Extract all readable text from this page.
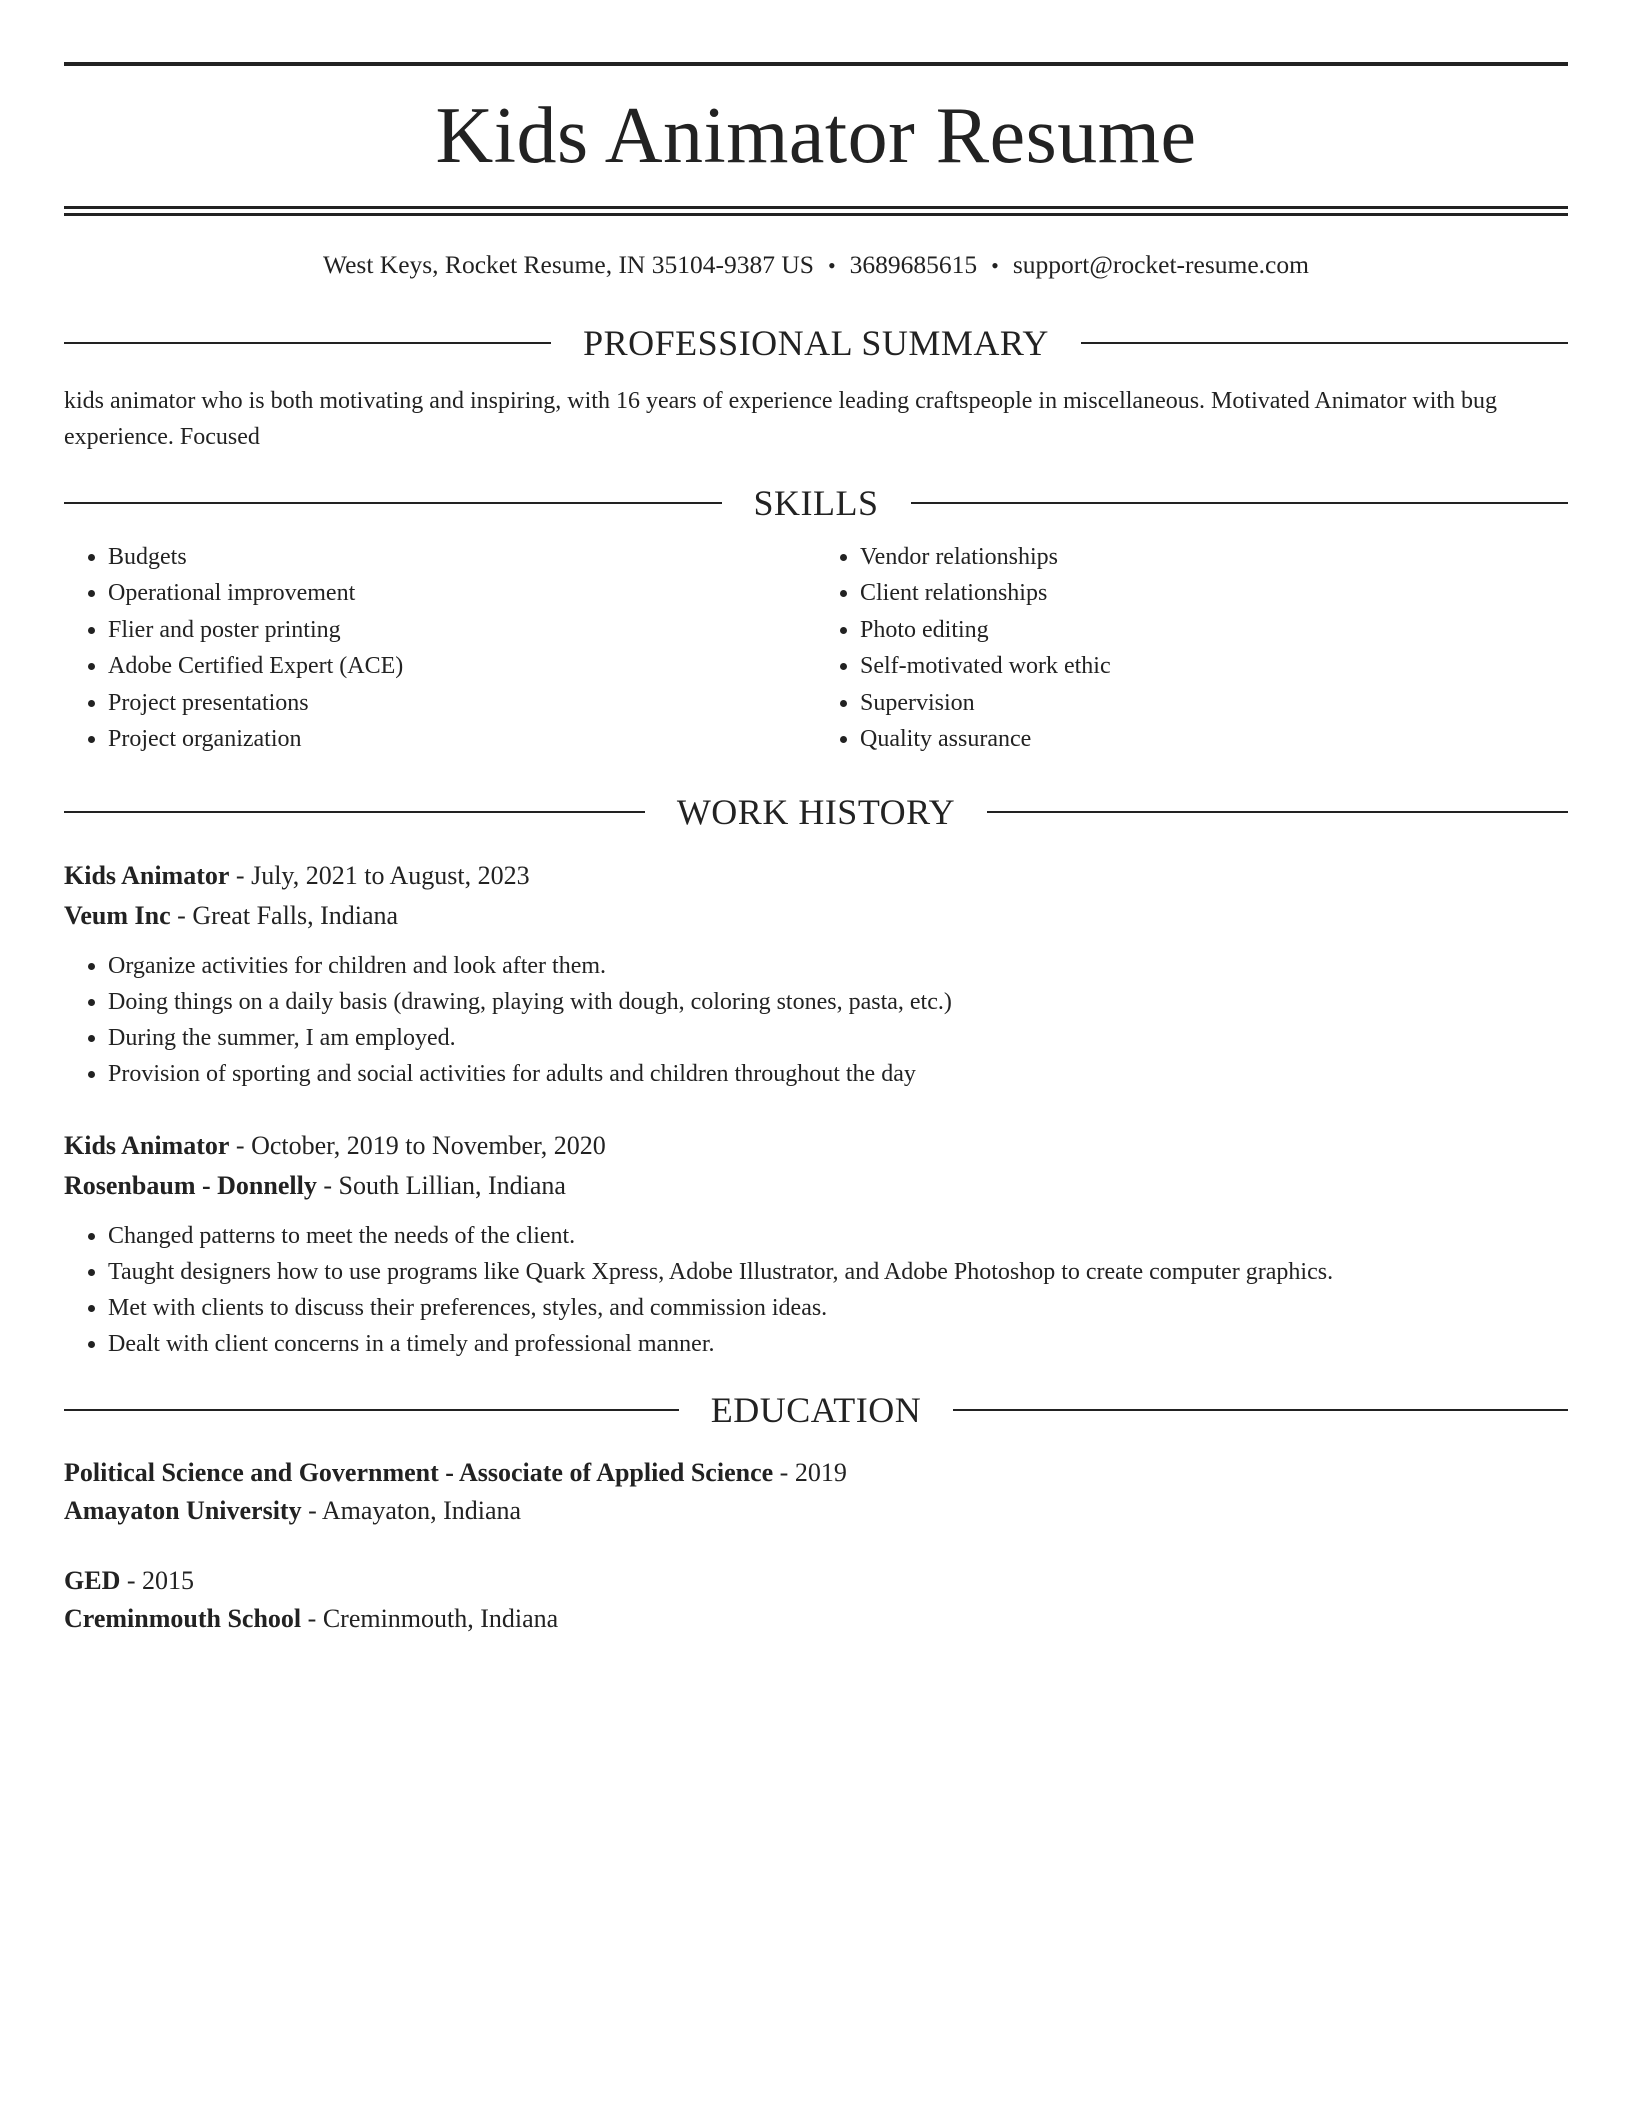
Kids Animator Resume
West Keys, Rocket Resume, IN 35104-9387 US • 3689685615 • support@rocket-resume.com
PROFESSIONAL SUMMARY
kids animator who is both motivating and inspiring, with 16 years of experience leading craftspeople in miscellaneous. Motivated Animator with bug experience. Focused
SKILLS
• Budgets
• Operational improvement
• Flier and poster printing
• Adobe Certified Expert (ACE)
• Project presentations
• Project organization
• Vendor relationships
• Client relationships
• Photo editing
• Self-motivated work ethic
• Supervision
• Quality assurance
WORK HISTORY
Kids Animator - July, 2021 to August, 2023
Veum Inc - Great Falls, Indiana
• Organize activities for children and look after them.
• Doing things on a daily basis (drawing, playing with dough, coloring stones, pasta, etc.)
• During the summer, I am employed.
• Provision of sporting and social activities for adults and children throughout the day
Kids Animator - October, 2019 to November, 2020
Rosenbaum - Donnelly - South Lillian, Indiana
• Changed patterns to meet the needs of the client.
• Taught designers how to use programs like Quark Xpress, Adobe Illustrator, and Adobe Photoshop to create computer graphics.
• Met with clients to discuss their preferences, styles, and commission ideas.
• Dealt with client concerns in a timely and professional manner.
EDUCATION
Political Science and Government - Associate of Applied Science - 2019
Amayaton University - Amayaton, Indiana
GED - 2015
Creminmouth School - Creminmouth, Indiana
